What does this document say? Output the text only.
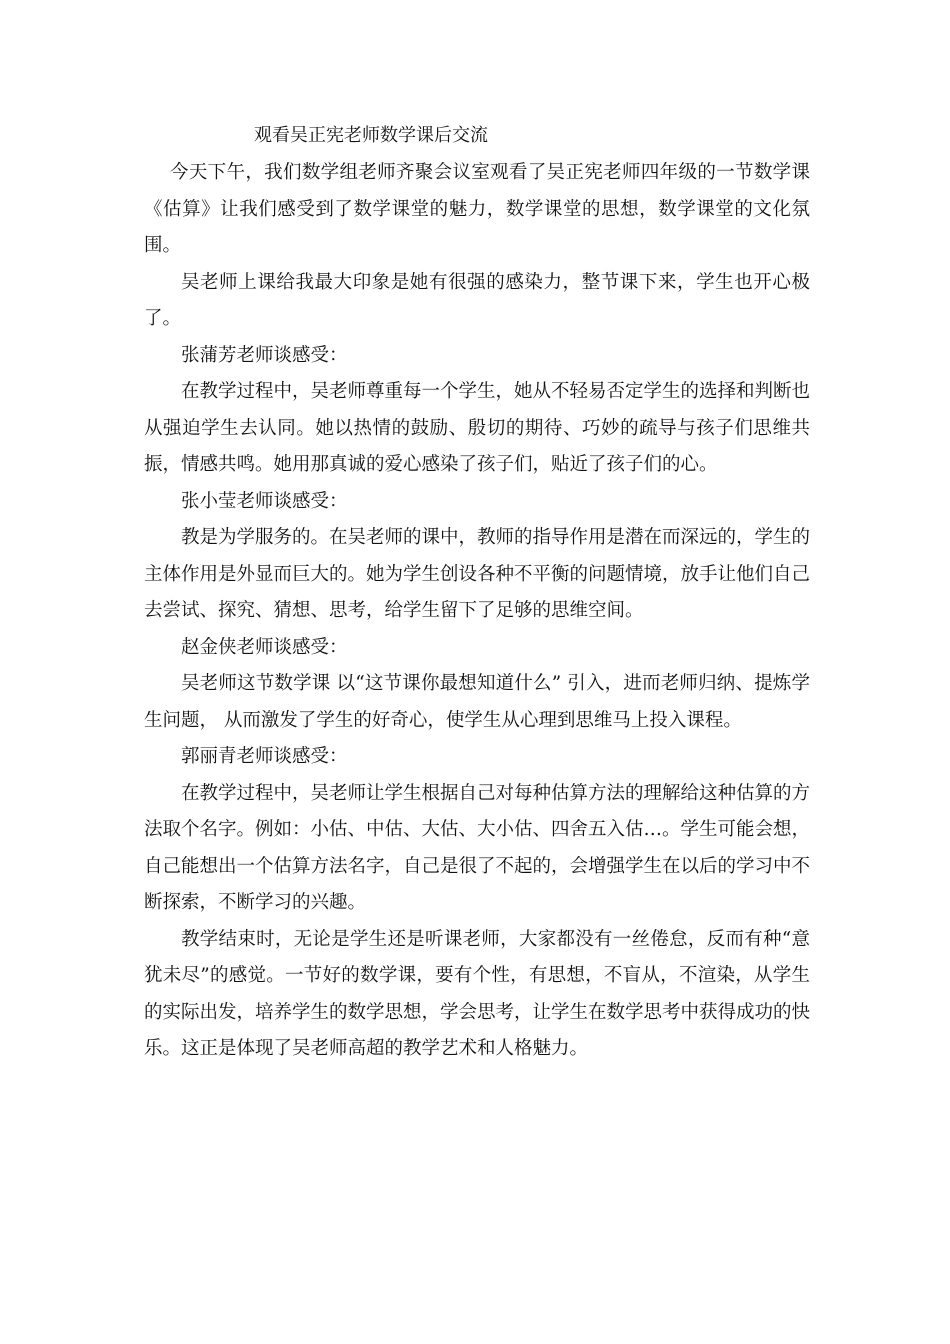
观看吴正宪老师数学课后交流

今天下午，我们数学组老师齐聚会议室观看了吴正宪老师四年级的一节数学课《估算》让我们感受到了数学课堂的魅力，数学课堂的思想，数学课堂的文化氛围。

吴老师上课给我最大印象是她有很强的感染力，整节课下来，学生也开心极了。

张蒲芳老师谈感受：

在教学过程中，吴老师尊重每一个学生，她从不轻易否定学生的选择和判断也从强迫学生去认同。她以热情的鼓励、殷切的期待、巧妙的疏导与孩子们思维共振，情感共鸣。她用那真诚的爱心感染了孩子们，贴近了孩子们的心。

张小莹老师谈感受：

教是为学服务的。在吴老师的课中，教师的指导作用是潜在而深远的，学生的主体作用是外显而巨大的。她为学生创设各种不平衡的问题情境，放手让他们自己去尝试、探究、猜想、思考，给学生留下了足够的思维空间。

赵金侠老师谈感受：

吴老师这节数学课 以“这节课你最想知道什么” 引入，进而老师归纳、提炼学生问题， 从而激发了学生的好奇心，使学生从心理到思维马上投入课程。

郭丽青老师谈感受：

在教学过程中，吴老师让学生根据自己对每种估算方法的理解给这种估算的方法取个名字。例如：小估、中估、大估、大小估、四舍五入估…。学生可能会想，自己能想出一个估算方法名字，自己是很了不起的，会增强学生在以后的学习中不断探索，不断学习的兴趣。

教学结束时，无论是学生还是听课老师，大家都没有一丝倦怠，反而有种“意犹未尽”的感觉。一节好的数学课，要有个性，有思想，不盲从，不渲染，从学生的实际出发，培养学生的数学思想，学会思考，让学生在数学思考中获得成功的快乐。这正是体现了吴老师高超的教学艺术和人格魅力。
